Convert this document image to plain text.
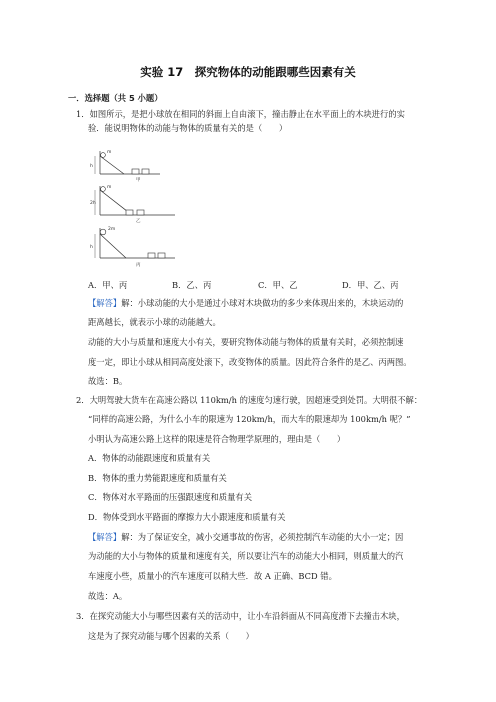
实验 17　探究物体的动能跟哪些因素有关
一．选择题（共 5 小题）
1．如图所示，是把小球放在相同的斜面上自由滚下，撞击静止在水平面上的木块进行的实
验．能说明物体的动能与物体的质量有关的是（　　）
m
h
甲
m
2h
乙
2m
h
丙
A．甲、丙	B．乙、丙	C．甲、乙	D．甲、乙、丙
【解答】解：小球动能的大小是通过小球对木块做功的多少来体现出来的，木块运动的
距离越长，就表示小球的动能越大。
动能的大小与质量和速度大小有关，要研究物体动能与物体的质量有关时，必须控制速
度一定，即让小球从相同高度处滚下，改变物体的质量。因此符合条件的是乙、丙两图。
故选：B。
2．大明驾驶大货车在高速公路以 110km/h 的速度匀速行驶，因超速受到处罚。大明很不解：
“同样的高速公路，为什么小车的限速为 120km/h，而大车的限速却为 100km/h 呢？”
小明认为高速公路上这样的限速是符合物理学原理的，理由是（　　）
A．物体的动能跟速度和质量有关
B．物体的重力势能跟速度和质量有关
C．物体对水平路面的压强跟速度和质量有关
D．物体受到水平路面的摩擦力大小跟速度和质量有关
【解答】解：为了保证安全，减小交通事故的伤害，必须控制汽车动能的大小一定；因
为动能的大小与物体的质量和速度有关，所以要让汽车的动能大小相同，则质量大的汽
车速度小些，质量小的汽车速度可以稍大些．故 A 正确、BCD 错。
故选：A。
3．在探究动能大小与哪些因素有关的活动中，让小车沿斜面从不同高度滑下去撞击木块，
这是为了探究动能与哪个因素的关系（　　）
